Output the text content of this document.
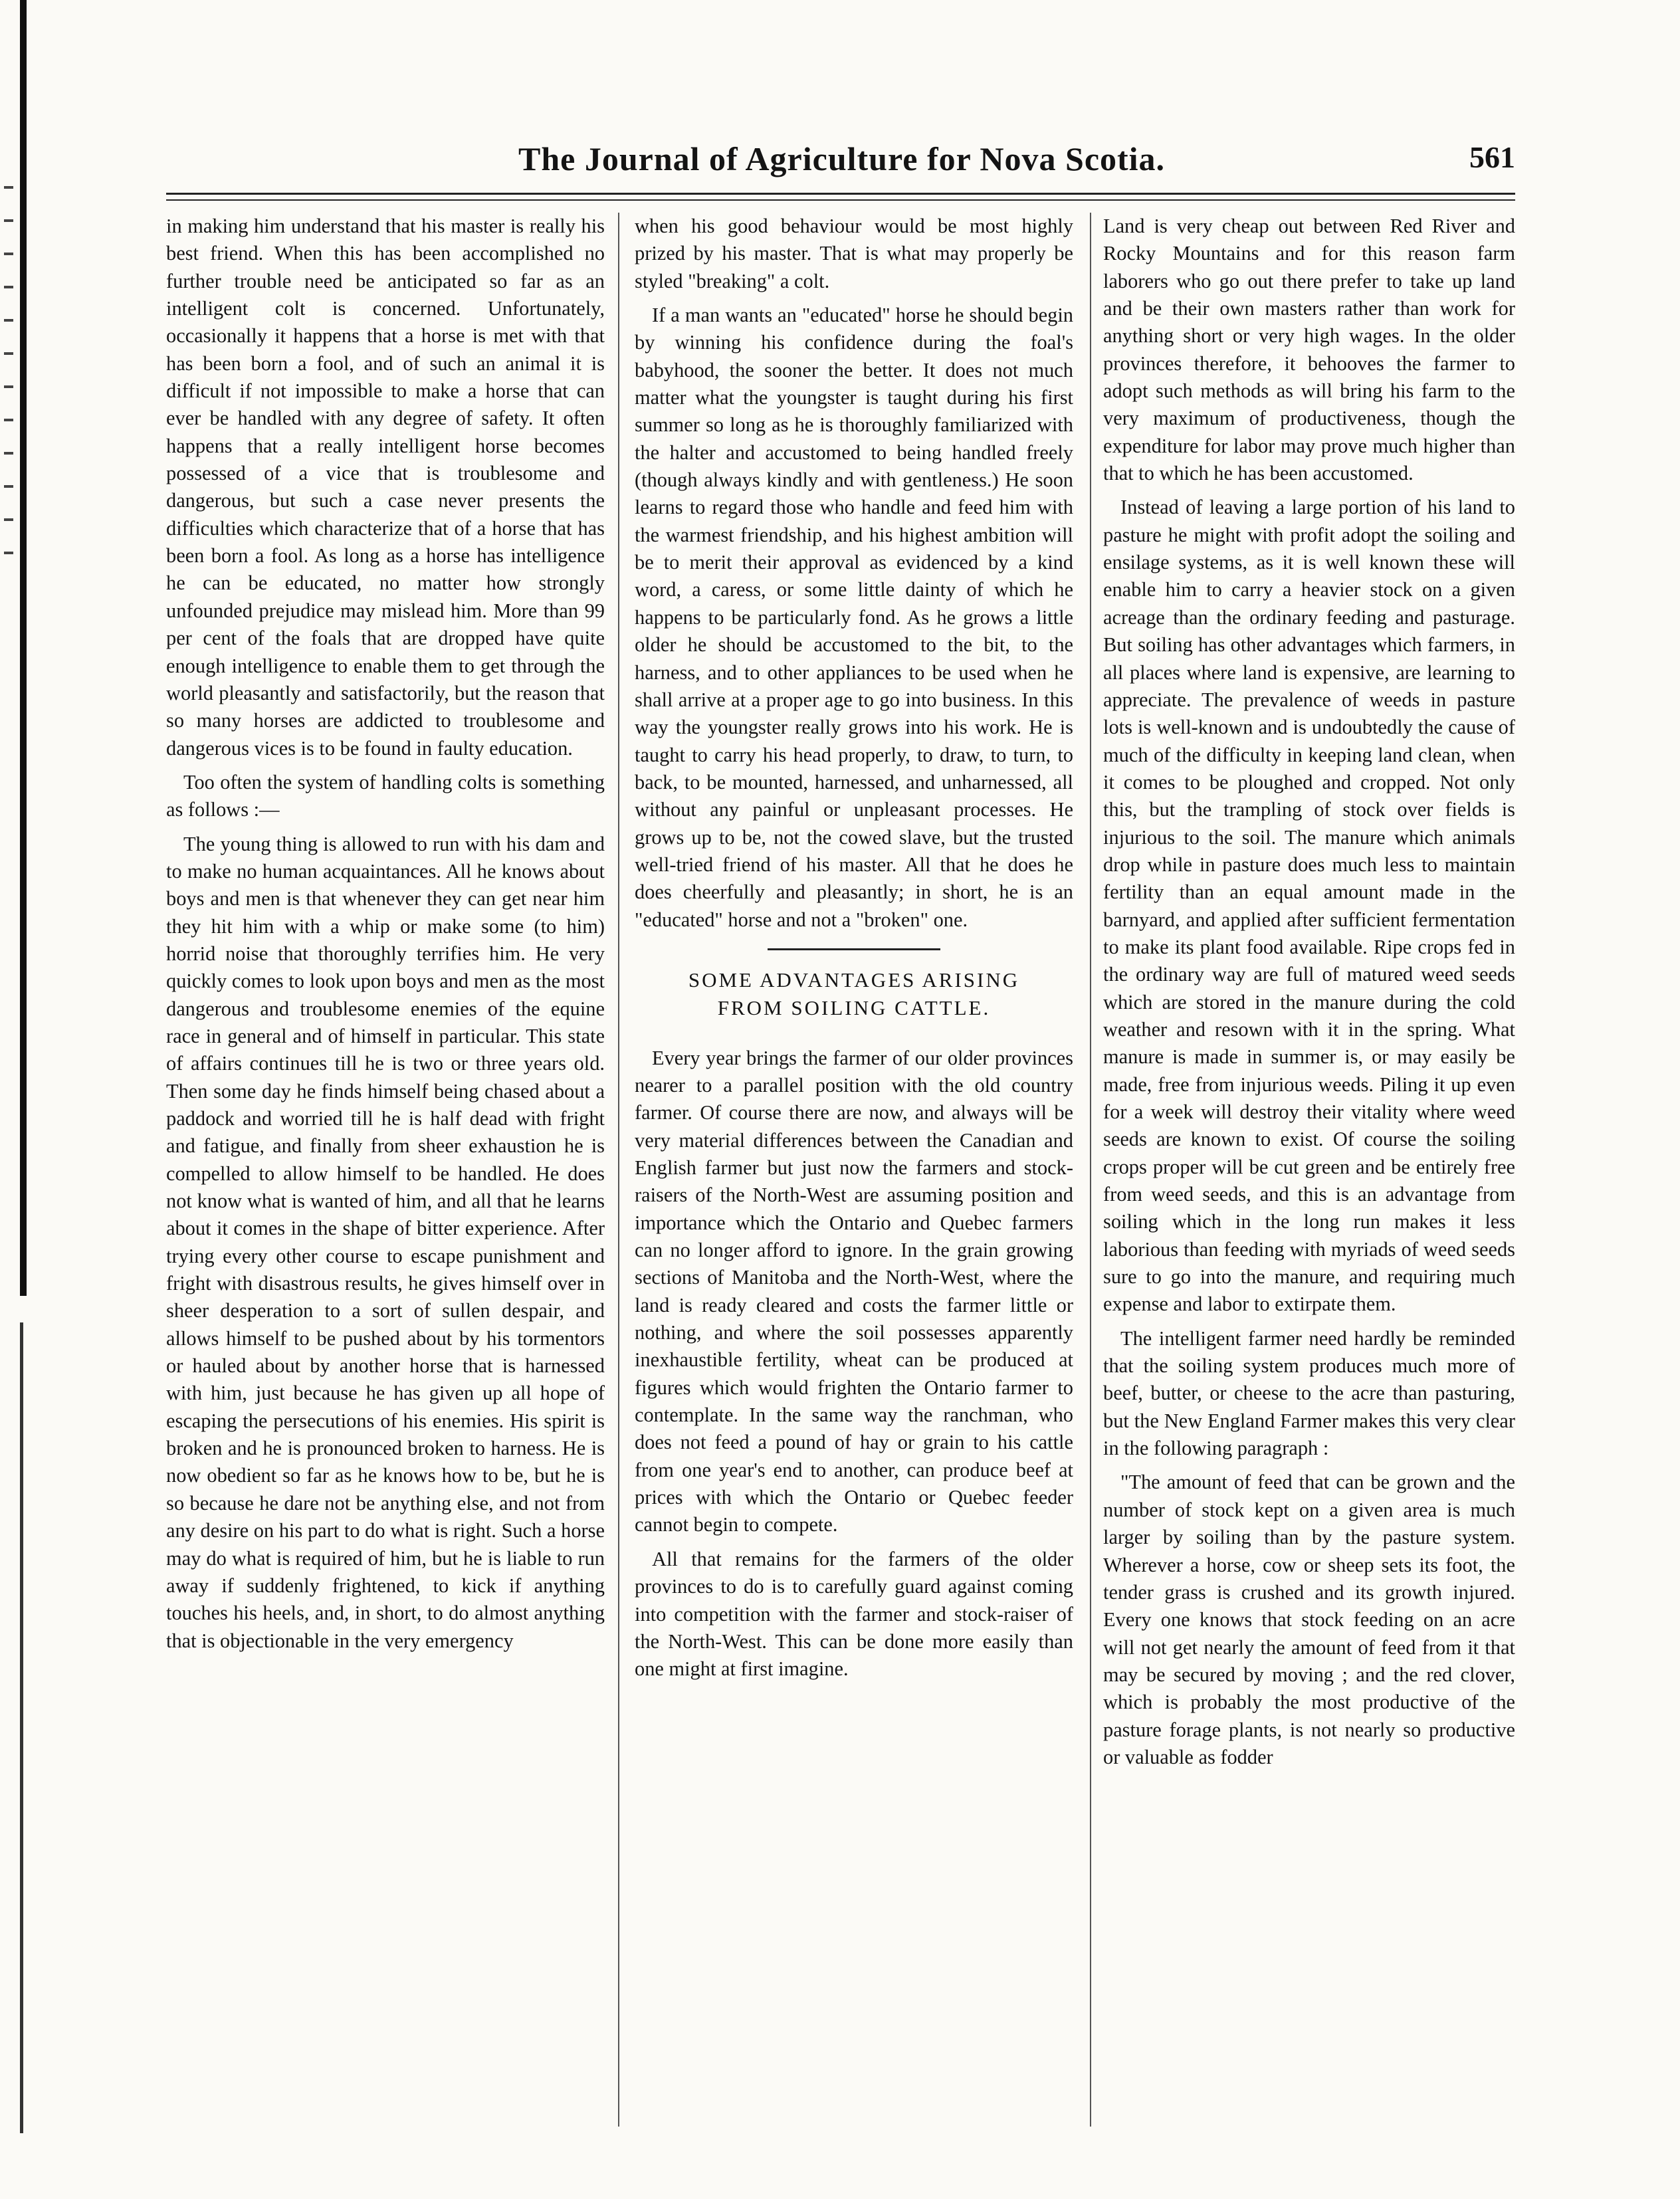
The Journal of Agriculture for Nova Scotia.	561

in making him understand that his master is really his best friend. When this has been accomplished no further trouble need be anticipated so far as an intelligent colt is concerned. Unfortunately, occasionally it happens that a horse is met with that has been born a fool, and of such an animal it is difficult if not impossible to make a horse that can ever be handled with any degree of safety. It often happens that a really intelligent horse becomes possessed of a vice that is troublesome and dangerous, but such a case never presents the difficulties which characterize that of a horse that has been born a fool. As long as a horse has intelligence he can be educated, no matter how strongly unfounded prejudice may mislead him. More than 99 per cent of the foals that are dropped have quite enough intelligence to enable them to get through the world pleasantly and satisfactorily, but the reason that so many horses are addicted to troublesome and dangerous vices is to be found in faulty education.

Too often the system of handling colts is something as follows :—

The young thing is allowed to run with his dam and to make no human acquaintances. All he knows about boys and men is that whenever they can get near him they hit him with a whip or make some (to him) horrid noise that thoroughly terrifies him. He very quickly comes to look upon boys and men as the most dangerous and troublesome enemies of the equine race in general and of himself in particular. This state of affairs continues till he is two or three years old. Then some day he finds himself being chased about a paddock and worried till he is half dead with fright and fatigue, and finally from sheer exhaustion he is compelled to allow himself to be handled. He does not know what is wanted of him, and all that he learns about it comes in the shape of bitter experience. After trying every other course to escape punishment and fright with disastrous results, he gives himself over in sheer desperation to a sort of sullen despair, and allows himself to be pushed about by his tormentors or hauled about by another horse that is harnessed with him, just because he has given up all hope of escaping the persecutions of his enemies. His spirit is broken and he is pronounced broken to harness. He is now obedient so far as he knows how to be, but he is so because he dare not be anything else, and not from any desire on his part to do what is right. Such a horse may do what is required of him, but he is liable to run away if suddenly frightened, to kick if anything touches his heels, and, in short, to do almost anything that is objectionable in the very emergency

when his good behaviour would be most highly prized by his master. That is what may properly be styled "breaking" a colt.

If a man wants an "educated" horse he should begin by winning his confidence during the foal's babyhood, the sooner the better. It does not much matter what the youngster is taught during his first summer so long as he is thoroughly familiarized with the halter and accustomed to being handled freely (though always kindly and with gentleness.) He soon learns to regard those who handle and feed him with the warmest friendship, and his highest ambition will be to merit their approval as evidenced by a kind word, a caress, or some little dainty of which he happens to be particularly fond. As he grows a little older he should be accustomed to the bit, to the harness, and to other appliances to be used when he shall arrive at a proper age to go into business. In this way the youngster really grows into his work. He is taught to carry his head properly, to draw, to turn, to back, to be mounted, harnessed, and unharnessed, all without any painful or unpleasant processes. He grows up to be, not the cowed slave, but the trusted well-tried friend of his master. All that he does he does cheerfully and pleasantly; in short, he is an "educated" horse and not a "broken" one.

SOME ADVANTAGES ARISING
FROM SOILING CATTLE.

Every year brings the farmer of our older provinces nearer to a parallel position with the old country farmer. Of course there are now, and always will be very material differences between the Canadian and English farmer but just now the farmers and stock-raisers of the North-West are assuming position and importance which the Ontario and Quebec farmers can no longer afford to ignore. In the grain growing sections of Manitoba and the North-West, where the land is ready cleared and costs the farmer little or nothing, and where the soil possesses apparently inexhaustible fertility, wheat can be produced at figures which would frighten the Ontario farmer to contemplate. In the same way the ranchman, who does not feed a pound of hay or grain to his cattle from one year's end to another, can produce beef at prices with which the Ontario or Quebec feeder cannot begin to compete.

All that remains for the farmers of the older provinces to do is to carefully guard against coming into competition with the farmer and stock-raiser of the North-West. This can be done more easily than one might at first imagine.

Land is very cheap out between Red River and Rocky Mountains and for this reason farm laborers who go out there prefer to take up land and be their own masters rather than work for anything short or very high wages. In the older provinces therefore, it behooves the farmer to adopt such methods as will bring his farm to the very maximum of productiveness, though the expenditure for labor may prove much higher than that to which he has been accustomed.

Instead of leaving a large portion of his land to pasture he might with profit adopt the soiling and ensilage systems, as it is well known these will enable him to carry a heavier stock on a given acreage than the ordinary feeding and pasturage. But soiling has other advantages which farmers, in all places where land is expensive, are learning to appreciate. The prevalence of weeds in pasture lots is well-known and is undoubtedly the cause of much of the difficulty in keeping land clean, when it comes to be ploughed and cropped. Not only this, but the trampling of stock over fields is injurious to the soil. The manure which animals drop while in pasture does much less to maintain fertility than an equal amount made in the barnyard, and applied after sufficient fermentation to make its plant food available. Ripe crops fed in the ordinary way are full of matured weed seeds which are stored in the manure during the cold weather and resown with it in the spring. What manure is made in summer is, or may easily be made, free from injurious weeds. Piling it up even for a week will destroy their vitality where weed seeds are known to exist. Of course the soiling crops proper will be cut green and be entirely free from weed seeds, and this is an advantage from soiling which in the long run makes it less laborious than feeding with myriads of weed seeds sure to go into the manure, and requiring much expense and labor to extirpate them.

The intelligent farmer need hardly be reminded that the soiling system produces much more of beef, butter, or cheese to the acre than pasturing, but the New England Farmer makes this very clear in the following paragraph :

"The amount of feed that can be grown and the number of stock kept on a given area is much larger by soiling than by the pasture system. Wherever a horse, cow or sheep sets its foot, the tender grass is crushed and its growth injured. Every one knows that stock feeding on an acre will not get nearly the amount of feed from it that may be secured by moving ; and the red clover, which is probably the most productive of the pasture forage plants, is not nearly so productive or valuable as fodder
